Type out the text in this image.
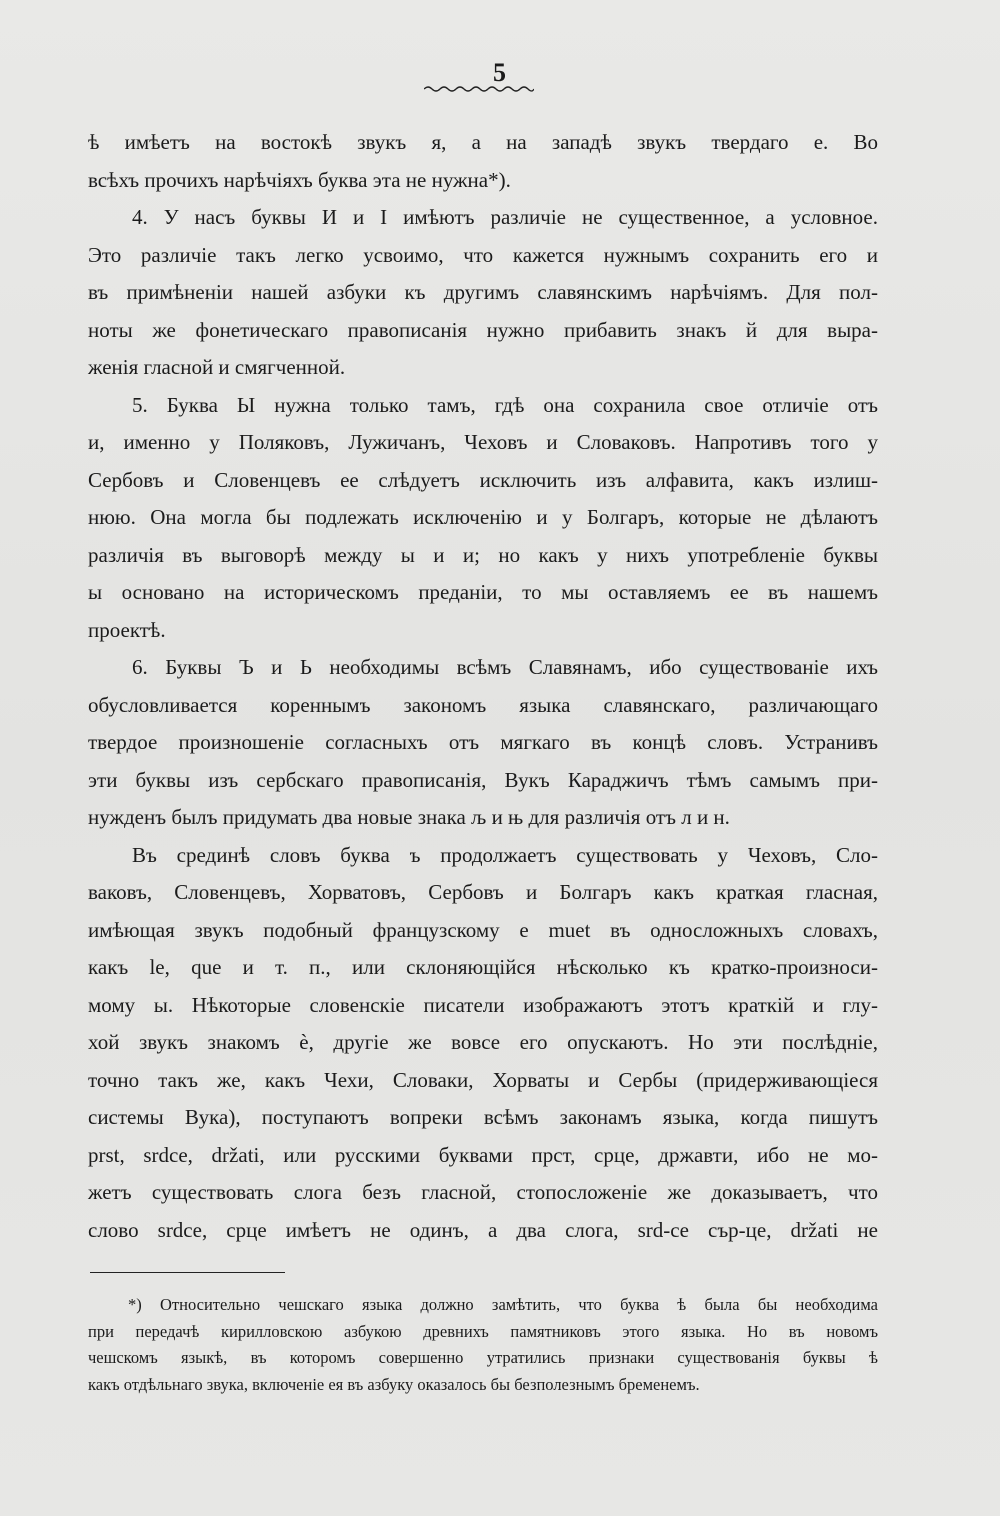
5
ѣ имѣетъ на востокѣ звукъ я, а на западѣ звукъ твердаго е. Во
всѣхъ прочихъ нарѣчіяхъ буква эта не нужна*).
4. У насъ буквы И и I имѣютъ различіе не существенное, а условное.
Это различіе такъ легко усвоимо, что кажется нужнымъ сохранить его и
въ примѣненіи нашей азбуки къ другимъ славянскимъ нарѣчіямъ. Для пол-
ноты же фонетическаго правописанія нужно прибавить знакъ й для выра-
женія гласной и смягченной.
5. Буква Ы нужна только тамъ, гдѣ она сохранила свое отличіе отъ
и, именно у Поляковъ, Лужичанъ, Чеховъ и Словаковъ. Напротивъ того у
Сербовъ и Словенцевъ ее слѣдуетъ исключить изъ алфавита, какъ излиш-
нюю. Она могла бы подлежать исключенію и у Болгаръ, которые не дѣлаютъ
различія въ выговорѣ между ы и и; но какъ у нихъ употребленіе буквы
ы основано на историческомъ преданіи, то мы оставляемъ ее въ нашемъ
проектѣ.
6. Буквы Ъ и Ь необходимы всѣмъ Славянамъ, ибо существованіе ихъ
обусловливается кореннымъ закономъ языка славянскаго, различающаго
твердое произношеніе согласныхъ отъ мягкаго въ концѣ словъ. Устранивъ
эти буквы изъ сербскаго правописанія, Вукъ Караджичъ тѣмъ самымъ при-
нужденъ былъ придумать два новые знака љ и њ для различія отъ л и н.
Въ срединѣ словъ буква ъ продолжаетъ существовать у Чеховъ, Сло-
ваковъ, Словенцевъ, Хорватовъ, Сербовъ и Болгаръ какъ краткая гласная,
имѣющая звукъ подобный французскому e muet въ односложныхъ словахъ,
какъ le, que и т. п., или склоняющійся нѣсколько къ кратко-произноси-
мому ы. Нѣкоторые словенскіе писатели изображаютъ этотъ краткій и глу-
хой звукъ знакомъ è, другіе же вовсе его опускаютъ. Но эти послѣдніе,
точно такъ же, какъ Чехи, Словаки, Хорваты и Сербы (придерживающіеся
системы Вука), поступаютъ вопреки всѣмъ законамъ языка, когда пишутъ
prst, srdce, držati, или русскими буквами прст, срце, државти, ибо не мо-
жетъ существовать слога безъ гласной, стопосложеніе же доказываетъ, что
слово srdce, срце имѣетъ не одинъ, а два слога, srd-ce сър-це, držati не
*) Относительно чешскаго языка должно замѣтить, что буква ѣ была бы необходима
при передачѣ кирилловскою азбукою древнихъ памятниковъ этого языка. Но въ новомъ
чешскомъ языкѣ, въ которомъ совершенно утратились признаки существованія буквы ѣ
какъ отдѣльнаго звука, включеніе ея въ азбуку оказалось бы безполезнымъ бременемъ.
